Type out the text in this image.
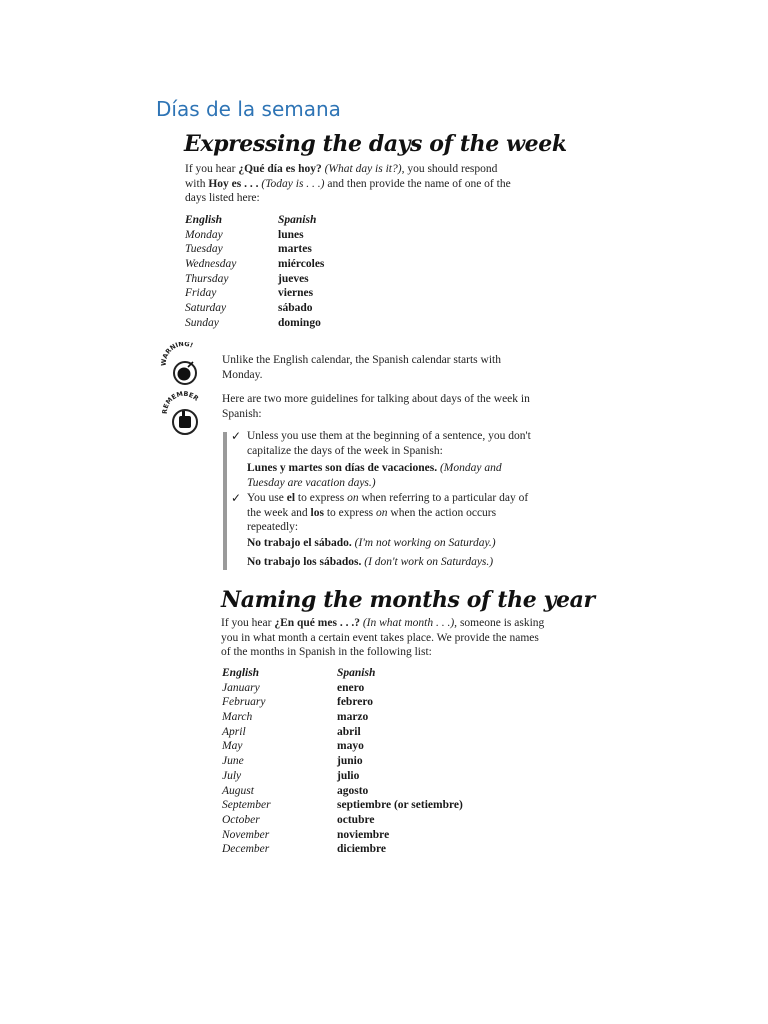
Días de la semana
Expressing the days of the week

If you hear ¿Qué día es hoy? (What day is it?), you should respond with Hoy es . . . (Today is . . .) and then provide the name of one of the days listed here:

English	Spanish
Monday	lunes
Tuesday	martes
Wednesday	miércoles
Thursday	jueves
Friday	viernes
Saturday	sábado
Sunday	domingo
WARNING!

Unlike the English calendar, the Spanish calendar starts with Monday.

REMEMBER Here are two more guidelines for talking about days of the week in Spanish:

✓ Unless you use them at the beginning of a sentence, you don't capitalize the days of the week in Spanish:

Lunes y martes son días de vacaciones. (Monday and Tuesday are vacation days.)

✓ You use el to express on when referring to a particular day of the week and los to express on when the action occurs repeatedly:

No trabajo el sábado. (I'm not working on Saturday.)

No trabajo los sábados. (I don't work on Saturdays.)

Naming the months of the year

If you hear ¿En qué mes . . .? (In what month . . .), someone is asking you in what month a certain event takes place. We provide the names of the months in Spanish in the following list:

English	Spanish
January	enero
February	febrero
March	marzo
April	abril
May	mayo
June	junio
July	julio
August	agosto
September	septiembre (or setiembre)
October	octubre
November	noviembre
December	diciembre
